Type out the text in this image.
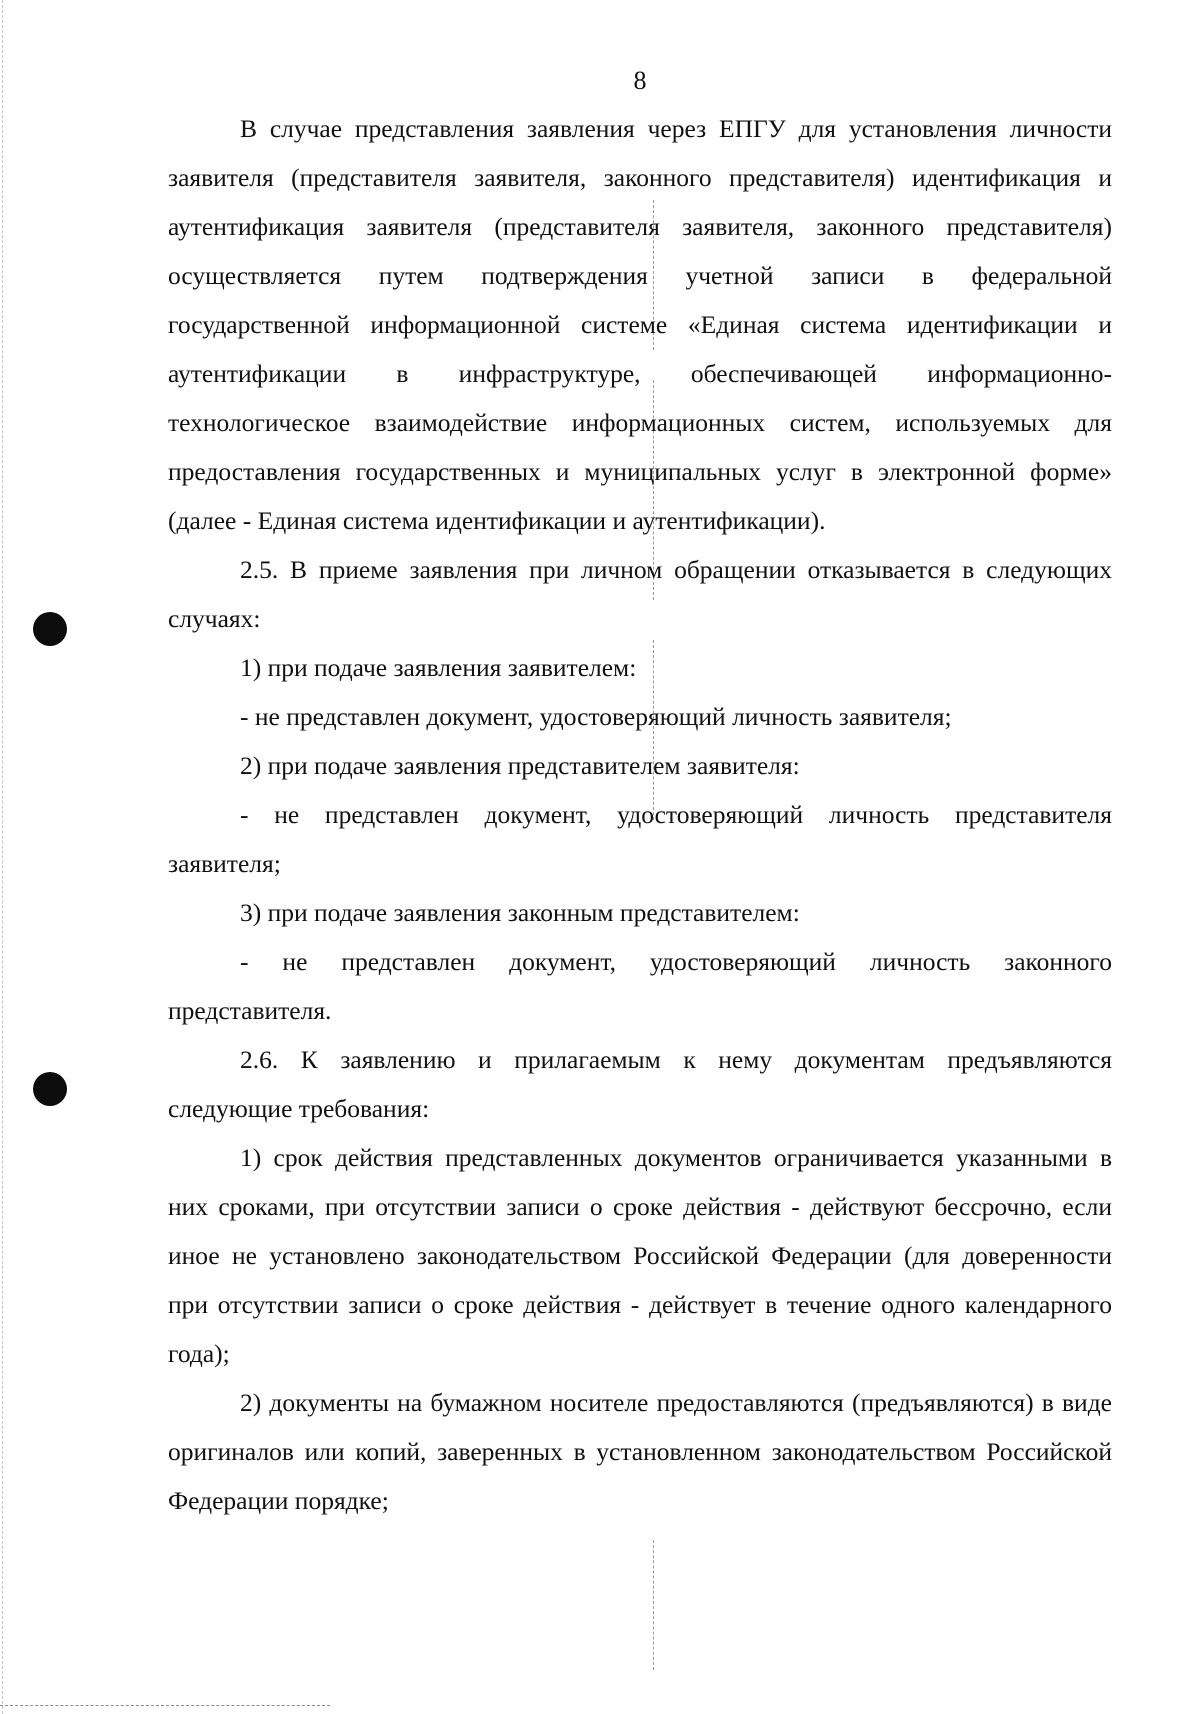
8

В случае представления заявления через ЕПГУ для установления личности заявителя (представителя заявителя, законного представителя) идентификация и аутентификация заявителя (представителя заявителя, законного представителя) осуществляется путем подтверждения учетной записи в федеральной государственной информационной системе «Единая система идентификации и аутентификации в инфраструктуре, обеспечивающей информационно-технологическое взаимодействие информационных систем, используемых для предоставления государственных и муниципальных услуг в электронной форме» (далее - Единая система идентификации и аутентификации).

2.5. В приеме заявления при личном обращении отказывается в следующих случаях:

1) при подаче заявления заявителем:

- не представлен документ, удостоверяющий личность заявителя;

2) при подаче заявления представителем заявителя:

- не представлен документ, удостоверяющий личность представителя заявителя;

3) при подаче заявления законным представителем:

- не представлен документ, удостоверяющий личность законного представителя.

2.6. К заявлению и прилагаемым к нему документам предъявляются следующие требования:

1) срок действия представленных документов ограничивается указанными в них сроками, при отсутствии записи о сроке действия - действуют бессрочно, если иное не установлено законодательством Российской Федерации (для доверенности при отсутствии записи о сроке действия - действует в течение одного календарного года);

2) документы на бумажном носителе предоставляются (предъявляются) в виде оригиналов или копий, заверенных в установленном законодательством Российской Федерации порядке;
